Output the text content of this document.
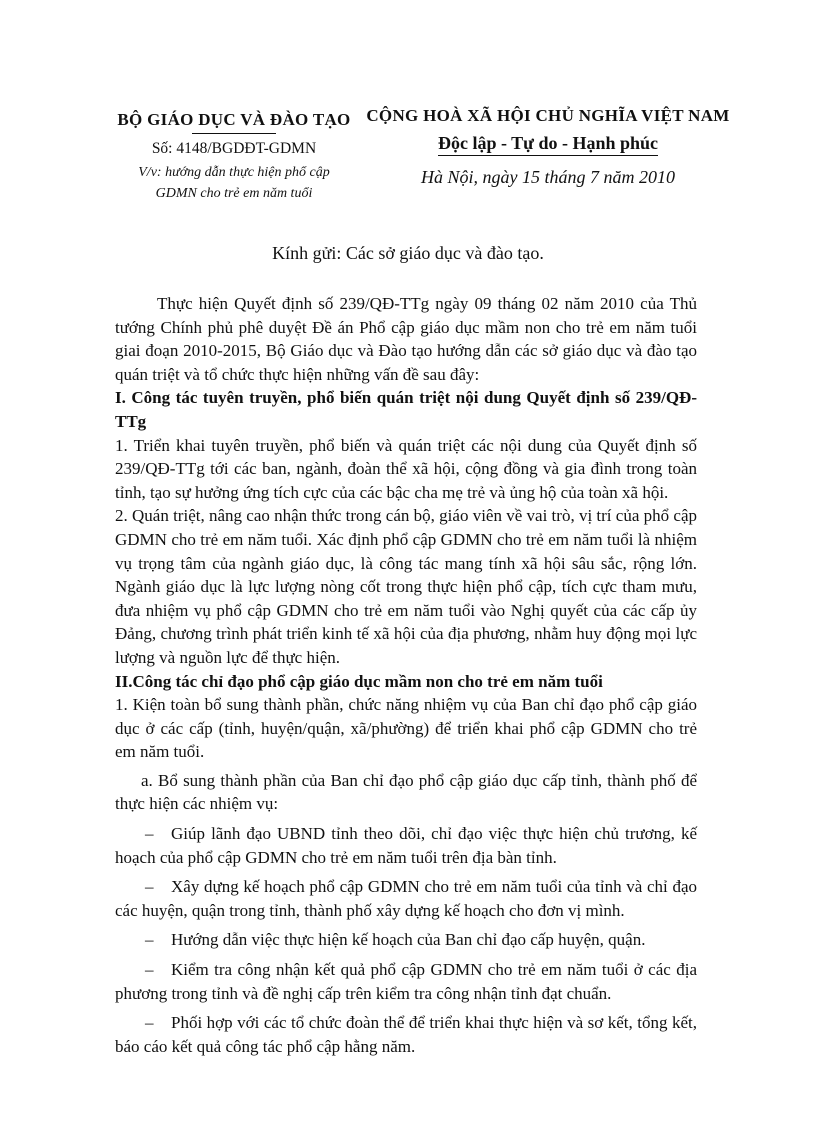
BỘ GIÁO DỤC VÀ ĐÀO TẠO
Số: 4148/BGDĐT-GDMN
V/v: hướng dẫn thực hiện phổ cập
GDMN cho trẻ em năm tuổi
CỘNG HOÀ XÃ HỘI CHỦ NGHĨA VIỆT NAM
Độc lập - Tự do - Hạnh phúc
Hà Nội, ngày 15 tháng 7 năm 2010
Kính gửi: Các sở giáo dục và đào tạo.

Thực hiện Quyết định số 239/QĐ-TTg ngày 09 tháng 02 năm 2010 của Thủ tướng Chính phủ phê duyệt Đề án Phổ cập giáo dục mầm non cho trẻ em năm tuổi giai đoạn 2010-2015, Bộ Giáo dục và Đào tạo hướng dẫn các sở giáo dục và đào tạo quán triệt và tổ chức thực hiện những vấn đề sau đây:

I. Công tác tuyên truyền, phổ biến quán triệt nội dung Quyết định số 239/QĐ-TTg

1. Triển khai tuyên truyền, phổ biến và quán triệt các nội dung của Quyết định số 239/QĐ-TTg tới các ban, ngành, đoàn thể xã hội, cộng đồng và gia đình trong toàn tỉnh, tạo sự hưởng ứng tích cực của các bậc cha mẹ trẻ và ủng hộ của toàn xã hội.

2. Quán triệt, nâng cao nhận thức trong cán bộ, giáo viên về vai trò, vị trí của phổ cập GDMN cho trẻ em năm tuổi. Xác định phổ cập GDMN cho trẻ em năm tuổi là nhiệm vụ trọng tâm của ngành giáo dục, là công tác mang tính xã hội sâu sắc, rộng lớn. Ngành giáo dục là lực lượng nòng cốt trong thực hiện phổ cập, tích cực tham mưu, đưa nhiệm vụ phổ cập GDMN cho trẻ em năm tuổi vào Nghị quyết của các cấp ủy Đảng, chương trình phát triển kinh tế xã hội của địa phương, nhằm huy động mọi lực lượng và nguồn lực để thực hiện.

II.Công tác chỉ đạo phổ cập giáo dục mầm non cho trẻ em năm tuổi

1. Kiện toàn bổ sung thành phần, chức năng nhiệm vụ của Ban chỉ đạo phổ cập giáo dục ở các cấp (tỉnh, huyện/quận, xã/phường) để triển khai phổ cập GDMN cho trẻ em năm tuổi.

a. Bổ sung thành phần của Ban chỉ đạo phổ cập giáo dục cấp tỉnh, thành phố để thực hiện các nhiệm vụ:

– Giúp lãnh đạo UBND tỉnh theo dõi, chỉ đạo việc thực hiện chủ trương, kế hoạch của phổ cập GDMN cho trẻ em năm tuổi trên địa bàn tỉnh.

– Xây dựng kế hoạch phổ cập GDMN cho trẻ em năm tuổi của tỉnh và chỉ đạo các huyện, quận trong tỉnh, thành phố xây dựng kế hoạch cho đơn vị mình.

– Hướng dẫn việc thực hiện kế hoạch của Ban chỉ đạo cấp huyện, quận.

– Kiểm tra công nhận kết quả phổ cập GDMN cho trẻ em năm tuổi ở các địa phương trong tỉnh và đề nghị cấp trên kiểm tra công nhận tỉnh đạt chuẩn.

– Phối hợp với các tổ chức đoàn thể để triển khai thực hiện và sơ kết, tổng kết, báo cáo kết quả công tác phổ cập hằng năm.
